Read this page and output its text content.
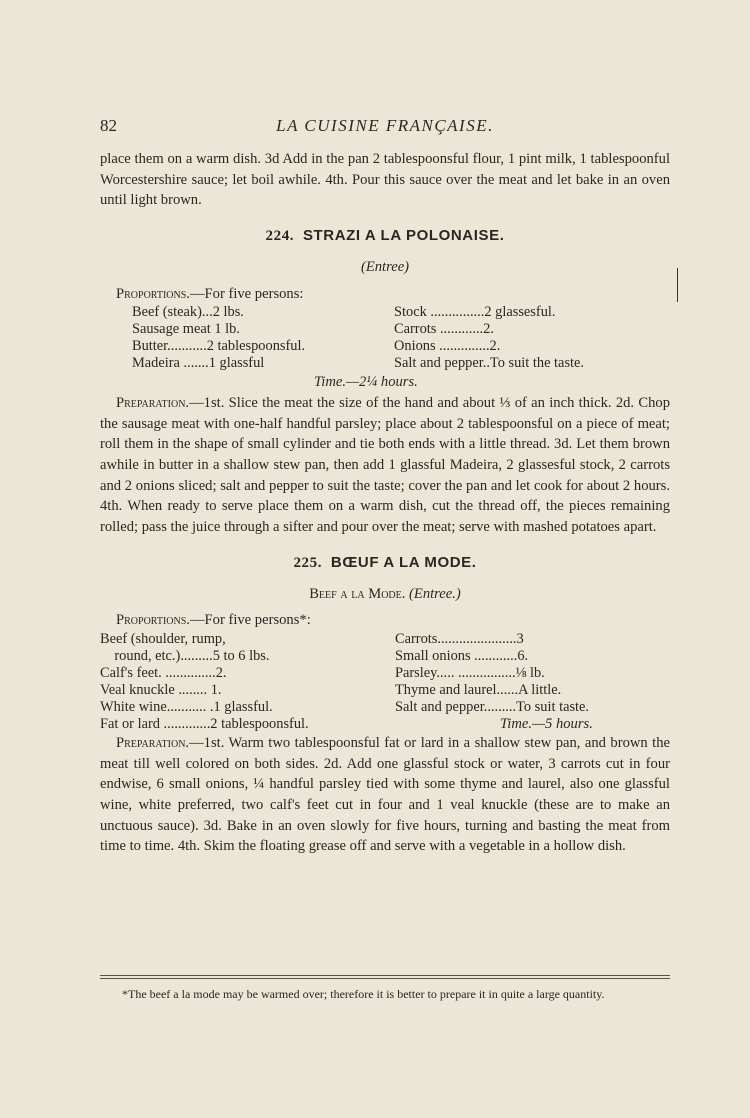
82	LA CUISINE FRANÇAISE.

place them on a warm dish. 3d Add in the pan 2 tablespoonsful flour, 1 pint milk, 1 tablespoonful Worcestershire sauce; let boil awhile. 4th. Pour this sauce over the meat and let bake in an oven until light brown.

224. STRAZI A LA POLONAISE.
(Entree)
Proportions.—For five persons:
Beef (steak)...2 lbs.
Sausage meat 1 lb.
Butter...........2 tablespoonsful.
Madeira .......1 glassful
Stock ...............2 glassesful.
Carrots ............2.
Onions ..............2.
Salt and pepper..To suit the taste.
Time.—2¼ hours.

Preparation.—1st. Slice the meat the size of the hand and about ⅓ of an inch thick. 2d. Chop the sausage meat with one-half handful parsley; place about 2 tablespoonsful on a piece of meat; roll them in the shape of small cylinder and tie both ends with a little thread. 3d. Let them brown awhile in butter in a shallow stew pan, then add 1 glassful Madeira, 2 glassesful stock, 2 carrots and 2 onions sliced; salt and pepper to suit the taste; cover the pan and let cook for about 2 hours. 4th. When ready to serve place them on a warm dish, cut the thread off, the pieces remaining rolled; pass the juice through a sifter and pour over the meat; serve with mashed potatoes apart.

225. BŒUF A LA MODE.
Beef a la Mode. (Entree.)
Proportions.—For five persons*:
Beef (shoulder, rump,
round, etc.).........5 to 6 lbs.
Calf's feet. ..............2.
Veal knuckle ........ 1.
White wine........... .1 glassful.
Fat or lard .............2 tablespoonsful.
Carrots......................3
Small onions ............6.
Parsley..... ................⅛ lb.
Thyme and laurel......A little.
Salt and pepper.........To suit taste.
Time.—5 hours.

Preparation.—1st. Warm two tablespoonsful fat or lard in a shallow stew pan, and brown the meat till well colored on both sides. 2d. Add one glassful stock or water, 3 carrots cut in four endwise, 6 small onions, ¼ handful parsley tied with some thyme and laurel, also one glassful wine, white preferred, two calf's feet cut in four and 1 veal knuckle (these are to make an unctuous sauce). 3d. Bake in an oven slowly for five hours, turning and basting the meat from time to time. 4th. Skim the floating grease off and serve with a vegetable in a hollow dish.

*The beef a la mode may be warmed over; therefore it is better to prepare it in quite a large quantity.
